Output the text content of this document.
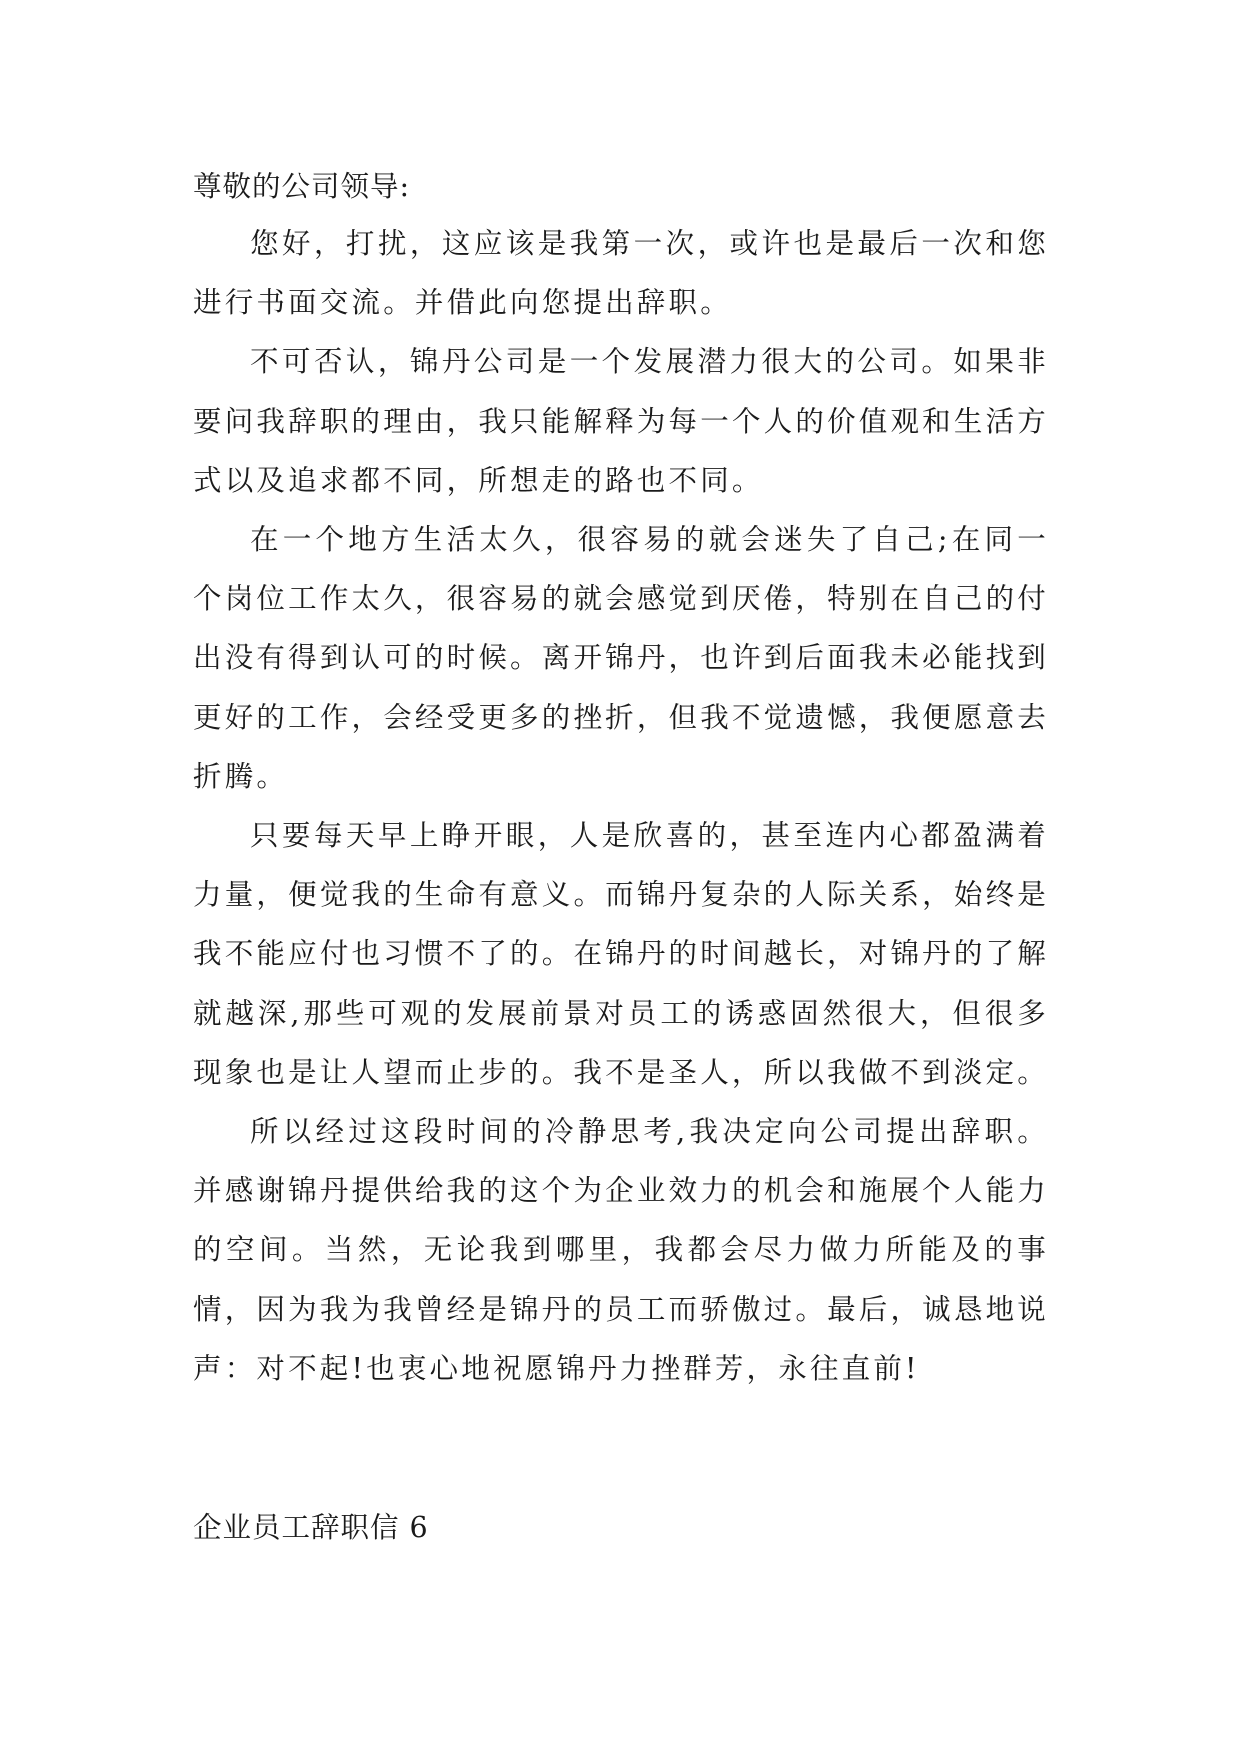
尊敬的公司领导:

您好，打扰，这应该是我第一次，或许也是最后一次和您进行书面交流。并借此向您提出辞职。

不可否认，锦丹公司是一个发展潜力很大的公司。如果非要问我辞职的理由，我只能解释为每一个人的价值观和生活方式以及追求都不同，所想走的路也不同。

在一个地方生活太久，很容易的就会迷失了自己;在同一个岗位工作太久，很容易的就会感觉到厌倦，特别在自己的付出没有得到认可的时候。离开锦丹，也许到后面我未必能找到更好的工作，会经受更多的挫折，但我不觉遗憾，我便愿意去折腾。

只要每天早上睁开眼，人是欣喜的，甚至连内心都盈满着力量，便觉我的生命有意义。而锦丹复杂的人际关系，始终是我不能应付也习惯不了的。在锦丹的时间越长，对锦丹的了解就越深,那些可观的发展前景对员工的诱惑固然很大，但很多现象也是让人望而止步的。我不是圣人，所以我做不到淡定。

所以经过这段时间的冷静思考,我决定向公司提出辞职。并感谢锦丹提供给我的这个为企业效力的机会和施展个人能力的空间。当然，无论我到哪里，我都会尽力做力所能及的事情，因为我为我曾经是锦丹的员工而骄傲过。最后，诚恳地说声：对不起!也衷心地祝愿锦丹力挫群芳，永往直前!

企业员工辞职信 6
